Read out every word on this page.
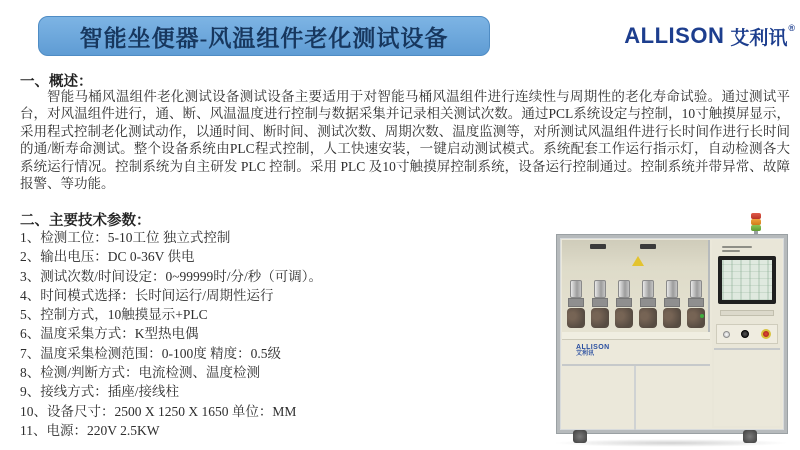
智能坐便器-风温组件老化测试设备	ALLISON 艾利讯 ®
一、概述：
智能马桶风温组件老化测试设备测试设备主要适用于对智能马桶风温组件进行连续性与周期性的老化寿命试验。通过测试平台，对风温组件进行，通、断、风温温度进行控制与数据采集并记录相关测试次数。通过PCL系统设定与控制，10寸触摸屏显示，采用程式控制老化测试动作，以通时间、断时间、测试次数、周期次数、温度监测等，对所测试风温组件进行长时间作进行长时间的通/断寿命测试。整个设备系统由PLC程式控制，人工快速安装，一键启动测试模式。系统配套工作运行指示灯，自动检测各大系统运行情况。控制系统为自主研发 PLC 控制。采用 PLC 及10寸触摸屏控制系统，设备运行控制通过。控制系统并带异常、故障报警、等功能。
二、主要技术参数：
1、检测工位：5-10工位 独立式控制
2、输出电压：DC 0-36V 供电
3、测试次数/时间设定：0~99999时/分/秒（可调）。
4、时间模式选择：长时间运行/周期性运行
5、控制方式，10触摸显示+PLC
6、温度采集方式：K型热电偶
7、温度采集检测范围：0-100度 精度：0.5级
8、检测/判断方式：电流检测、温度检测
9、接线方式：插座/接线柱
10、设备尺寸：2500 X 1250 X 1650 单位：MM
11、电源：220V 2.5KW
ALLISON
艾利讯
